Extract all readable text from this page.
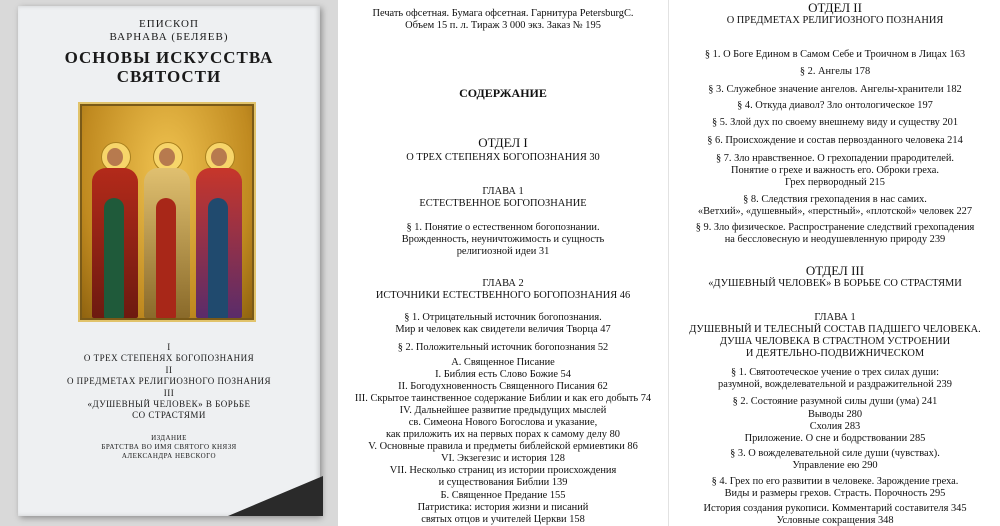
ЕПИСКОП
ВАРНАВА (БЕЛЯЕВ)
ОСНОВЫ ИСКУССТВА
СВЯТОСТИ
I
О ТРЕХ СТЕПЕНЯХ БОГОПОЗНАНИЯ
II
О ПРЕДМЕТАХ РЕЛИГИОЗНОГО ПОЗНАНИЯ
III
«ДУШЕВНЫЙ ЧЕЛОВЕК» В БОРЬБЕ
СО СТРАСТЯМИ
ИЗДАНИЕ
БРАТСТВА ВО ИМЯ СВЯТОГО КНЯЗЯ
АЛЕКСАНДРА НЕВСКОГО
Печать офсетная. Бумага офсетная. Гарнитура PetersburgC.
Объем 15 п. л. Тираж 3 000 экз. Заказ № 195
СОДЕРЖАНИЕ
ОТДЕЛ I
О ТРЕХ СТЕПЕНЯХ БОГОПОЗНАНИЯ 30
ГЛАВА 1
ЕСТЕСТВЕННОЕ БОГОПОЗНАНИЕ
§ 1. Понятие о естественном богопознании.
Врожденность, неуничтожимость и сущность
религиозной идеи 31
ГЛАВА 2
ИСТОЧНИКИ ЕСТЕСТВЕННОГО БОГОПОЗНАНИЯ 46
§ 1. Отрицательный источник богопознания.
Мир и человек как свидетели величия Творца 47
§ 2. Положительный источник богопознания 52
А. Священное Писание
I. Библия есть Слово Божие 54
II. Богодухновенность Священного Писания 62
III. Скрытое таинственное содержание Библии и как его добыть 74
IV. Дальнейшее развитие предыдущих мыслей
св. Симеона Нового Богослова и указание,
как приложить их на первых порах к самому делу 80
V. Основные правила и предметы библейской ермиевтики 86
VI. Экзегезис и история 128
VII. Несколько страниц из истории происхождения
и существования Библии 139
Б. Священное Предание 155
Патристика: история жизни и писаний
святых отцов и учителей Церкви 158
ОТДЕЛ II
О ПРЕДМЕТАХ РЕЛИГИОЗНОГО ПОЗНАНИЯ
§ 1. О Боге Едином в Самом Себе и Троичном в Лицах 163
§ 2. Ангелы 178
§ 3. Служебное значение ангелов. Ангелы-хранители 182
§ 4. Откуда диавол? Зло онтологическое 197
§ 5. Злой дух по своему внешнему виду и существу 201
§ 6. Происхождение и состав первозданного человека 214
§ 7. Зло нравственное. О грехопадении прародителей.
Понятие о грехе и важность его. Оброки греха.
Грех первородный 215
§ 8. Следствия грехопадения в нас самих.
«Ветхий», «душевный», «перстный», «плотской» человек 227
§ 9. Зло физическое. Распространение следствий грехопадения
на бессловесную и неодушевленную природу 239
ОТДЕЛ III
«ДУШЕВНЫЙ ЧЕЛОВЕК» В БОРЬБЕ СО СТРАСТЯМИ
ГЛАВА 1
ДУШЕВНЫЙ И ТЕЛЕСНЫЙ СОСТАВ ПАДШЕГО ЧЕЛОВЕКА.
ДУША ЧЕЛОВЕКА В СТРАСТНОМ УСТРОЕНИИ
И ДЕЯТЕЛЬНО-ПОДВИЖНИЧЕСКОМ
§ 1. Святоотеческое учение о трех силах души:
разумной, вожделевательной и раздражительной 239
§ 2. Состояние разумной силы души (ума) 241
Выводы 280
Схолия 283
Приложение. О сне и бодрствовании 285
§ 3. О вожделевательной силе души (чувствах).
Управление ею 290
§ 4. Грех по его развитии в человеке. Зарождение греха.
Виды и размеры грехов. Страсть. Порочность 295
История создания рукописи. Комментарий составителя 345
Условные сокращения 348
